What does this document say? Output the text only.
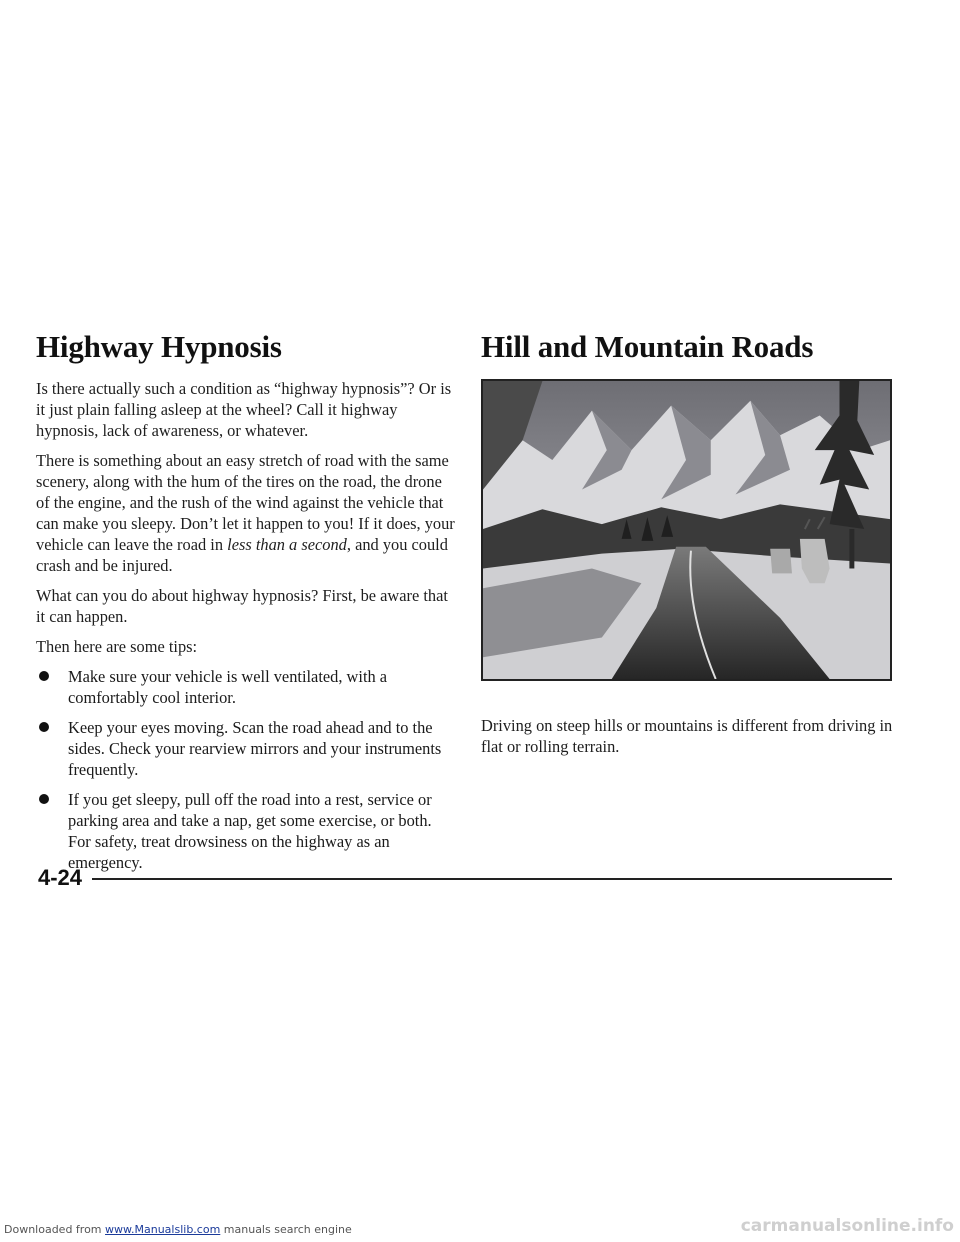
Highway Hypnosis

Is there actually such a condition as “highway hypnosis”? Or is it just plain falling asleep at the wheel? Call it highway hypnosis, lack of awareness, or whatever.

There is something about an easy stretch of road with the same scenery, along with the hum of the tires on the road, the drone of the engine, and the rush of the wind against the vehicle that can make you sleepy. Don’t let it happen to you! If it does, your vehicle can leave the road in less than a second, and you could crash and be injured.

What can you do about highway hypnosis? First, be aware that it can happen.

Then here are some tips:

Make sure your vehicle is well ventilated, with a comfortably cool interior.
Keep your eyes moving. Scan the road ahead and to the sides. Check your rearview mirrors and your instruments frequently.
If you get sleepy, pull off the road into a rest, service or parking area and take a nap, get some exercise, or both. For safety, treat drowsiness on the highway as an emergency.
Hill and Mountain Roads

Driving on steep hills or mountains is different from driving in flat or rolling terrain.

4-24
Downloaded from www.Manualslib.com manuals search engine	carmanualsonline.info
